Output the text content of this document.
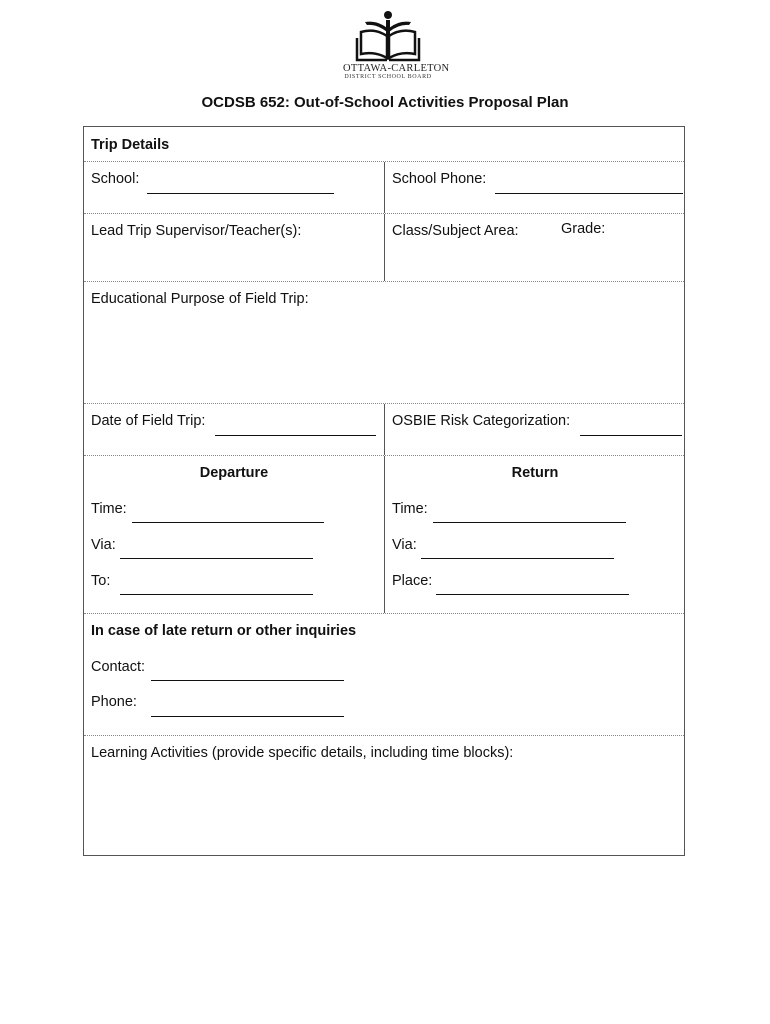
OTTAWA-CARLETON
DISTRICT SCHOOL BOARD
OCDSB 652: Out-of-School Activities Proposal Plan
Trip Details
School:	School Phone:
Lead Trip Supervisor/Teacher(s):	Class/Subject Area:	Grade:
Educational Purpose of Field Trip:
Date of Field Trip:	OSBIE Risk Categorization:
Departure
Time:
Via:
To:
Return
Time:
Via:
Place:
In case of late return or other inquiries
Contact:
Phone:
Learning Activities (provide specific details, including time blocks):
